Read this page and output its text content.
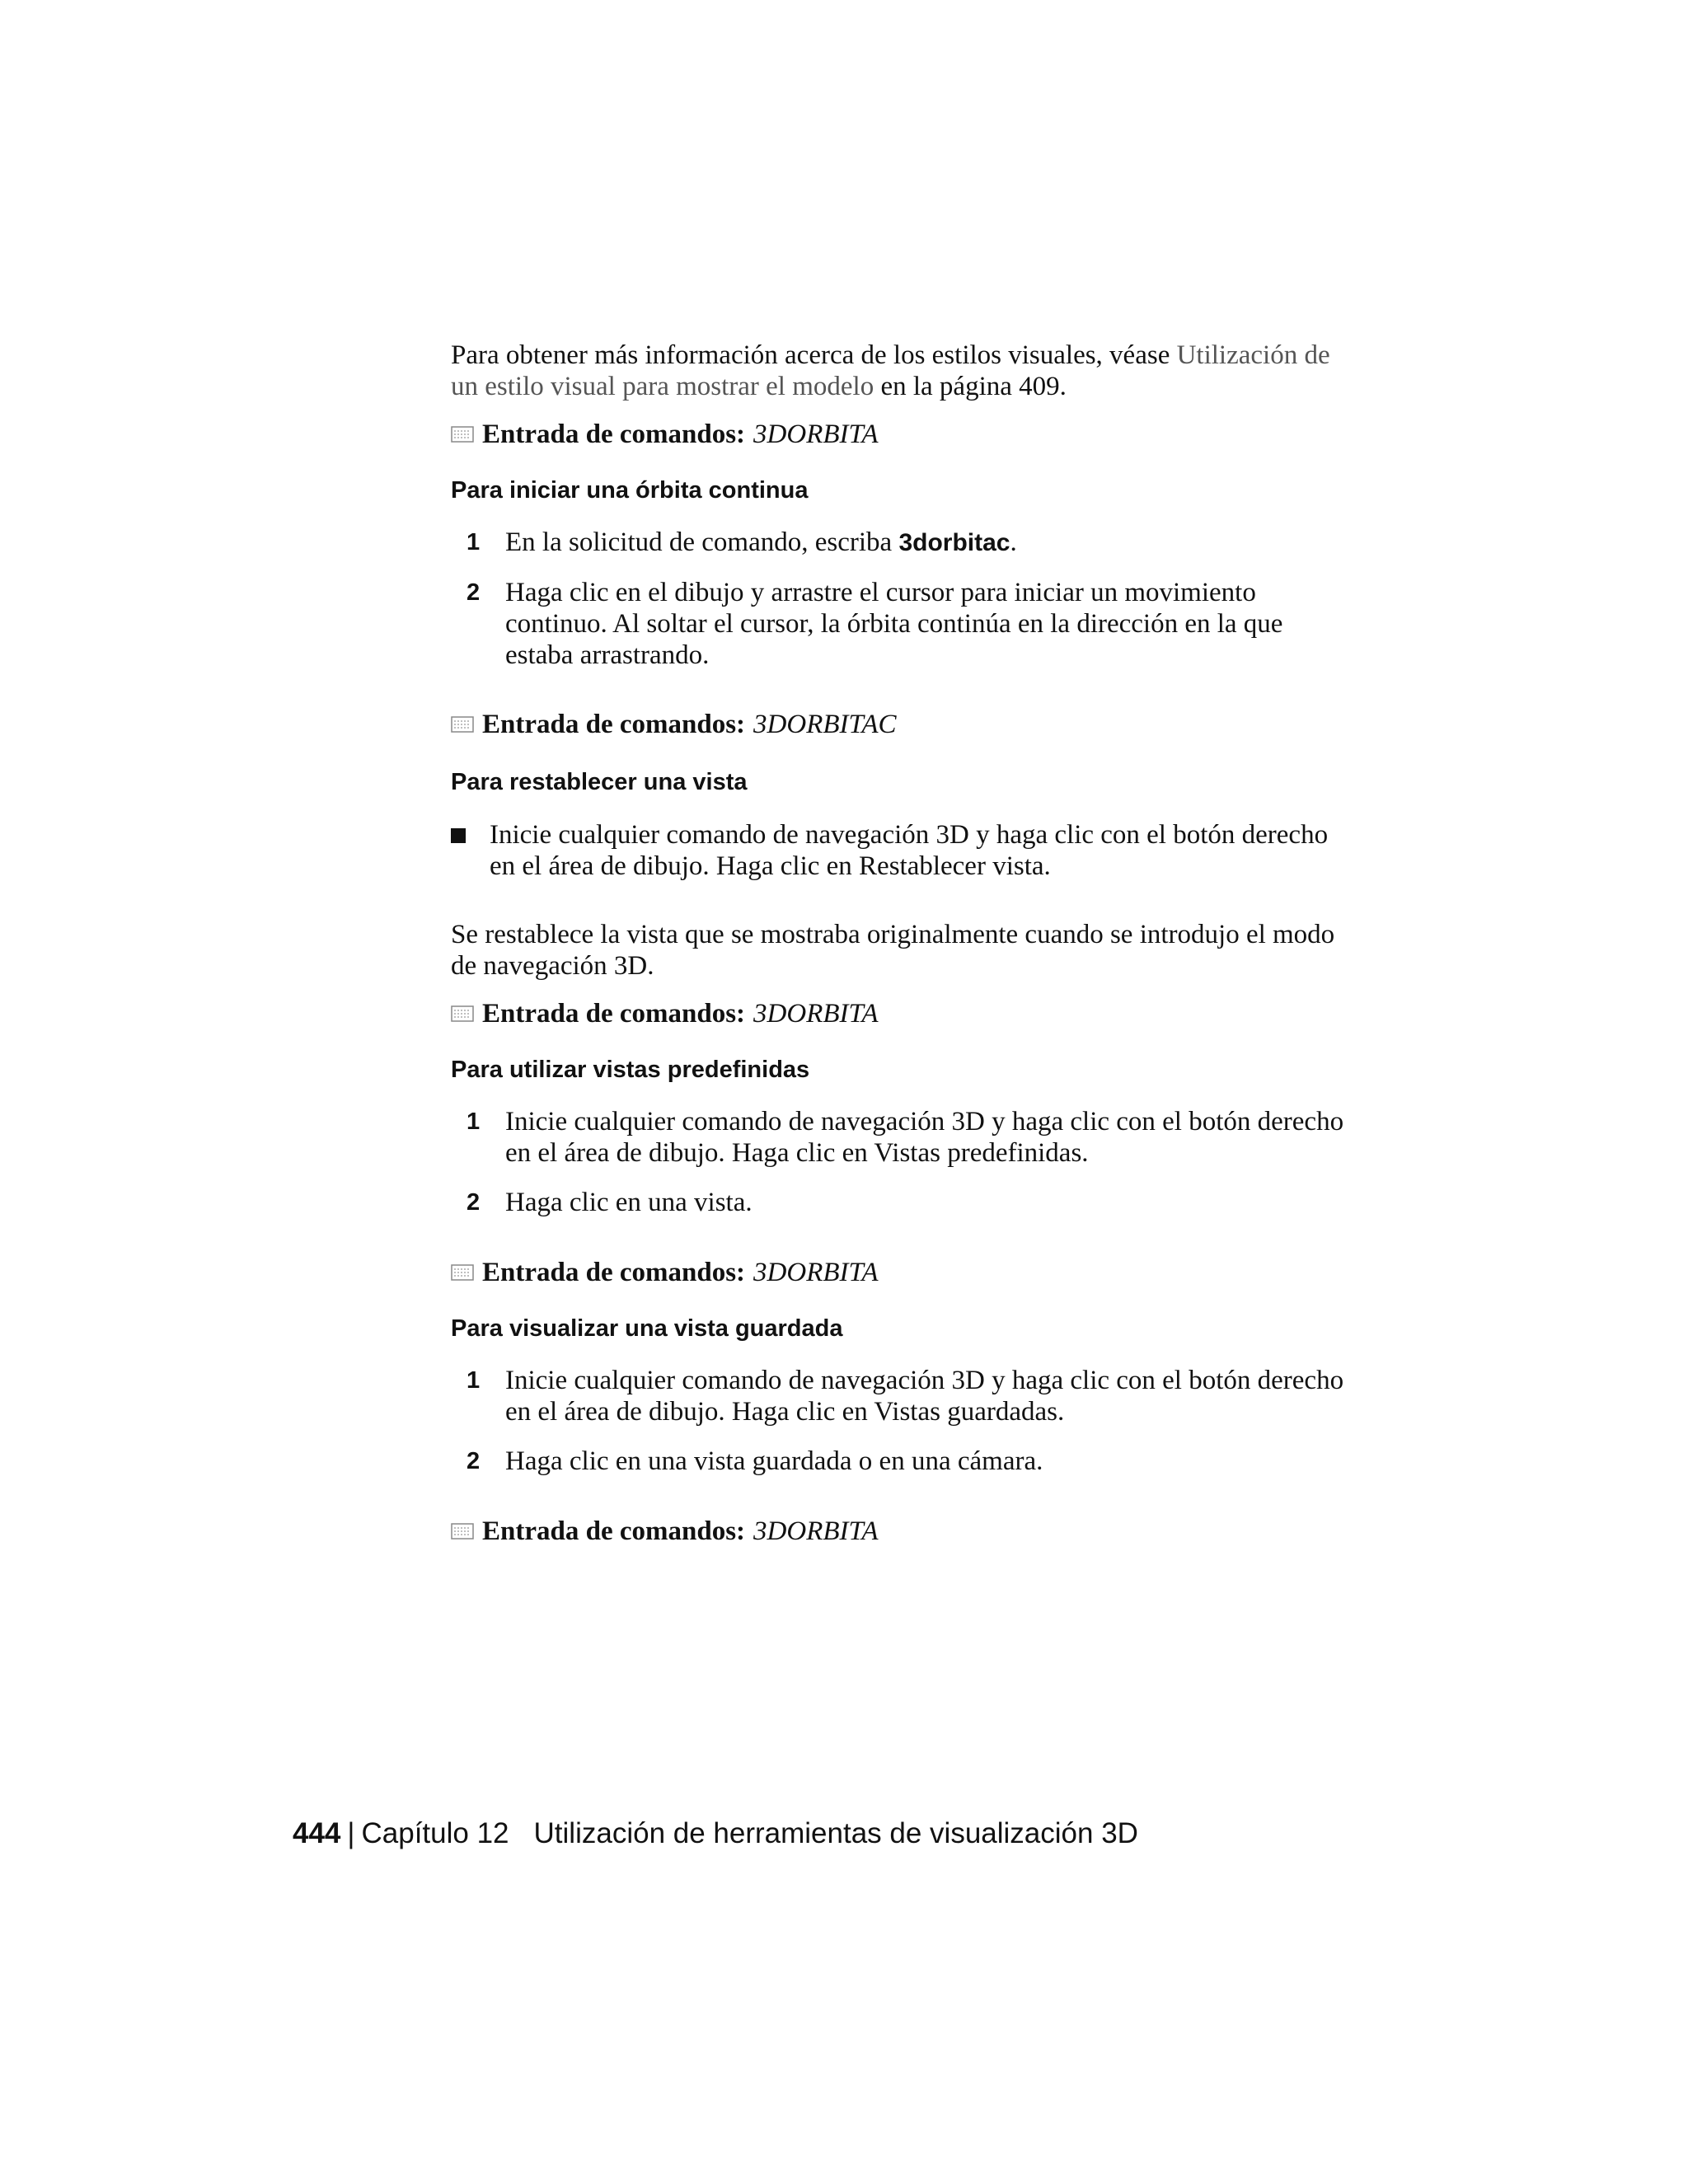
Para obtener más información acerca de los estilos visuales, véase Utilización de un estilo visual para mostrar el modelo en la página 409.

Entrada de comandos: 3DORBITA
Para iniciar una órbita continua
1 En la solicitud de comando, escriba 3dorbitac.
2 Haga clic en el dibujo y arrastre el cursor para iniciar un movimiento continuo. Al soltar el cursor, la órbita continúa en la dirección en la que estaba arrastrando.
Entrada de comandos: 3DORBITAC
Para restablecer una vista
Inicie cualquier comando de navegación 3D y haga clic con el botón derecho en el área de dibujo. Haga clic en Restablecer vista.

Se restablece la vista que se mostraba originalmente cuando se introdujo el modo de navegación 3D.

Entrada de comandos: 3DORBITA
Para utilizar vistas predefinidas
1 Inicie cualquier comando de navegación 3D y haga clic con el botón derecho en el área de dibujo. Haga clic en Vistas predefinidas.
2 Haga clic en una vista.
Entrada de comandos: 3DORBITA
Para visualizar una vista guardada
1 Inicie cualquier comando de navegación 3D y haga clic con el botón derecho en el área de dibujo. Haga clic en Vistas guardadas.
2 Haga clic en una vista guardada o en una cámara.
Entrada de comandos: 3DORBITA
444 | Capítulo 12 Utilización de herramientas de visualización 3D
